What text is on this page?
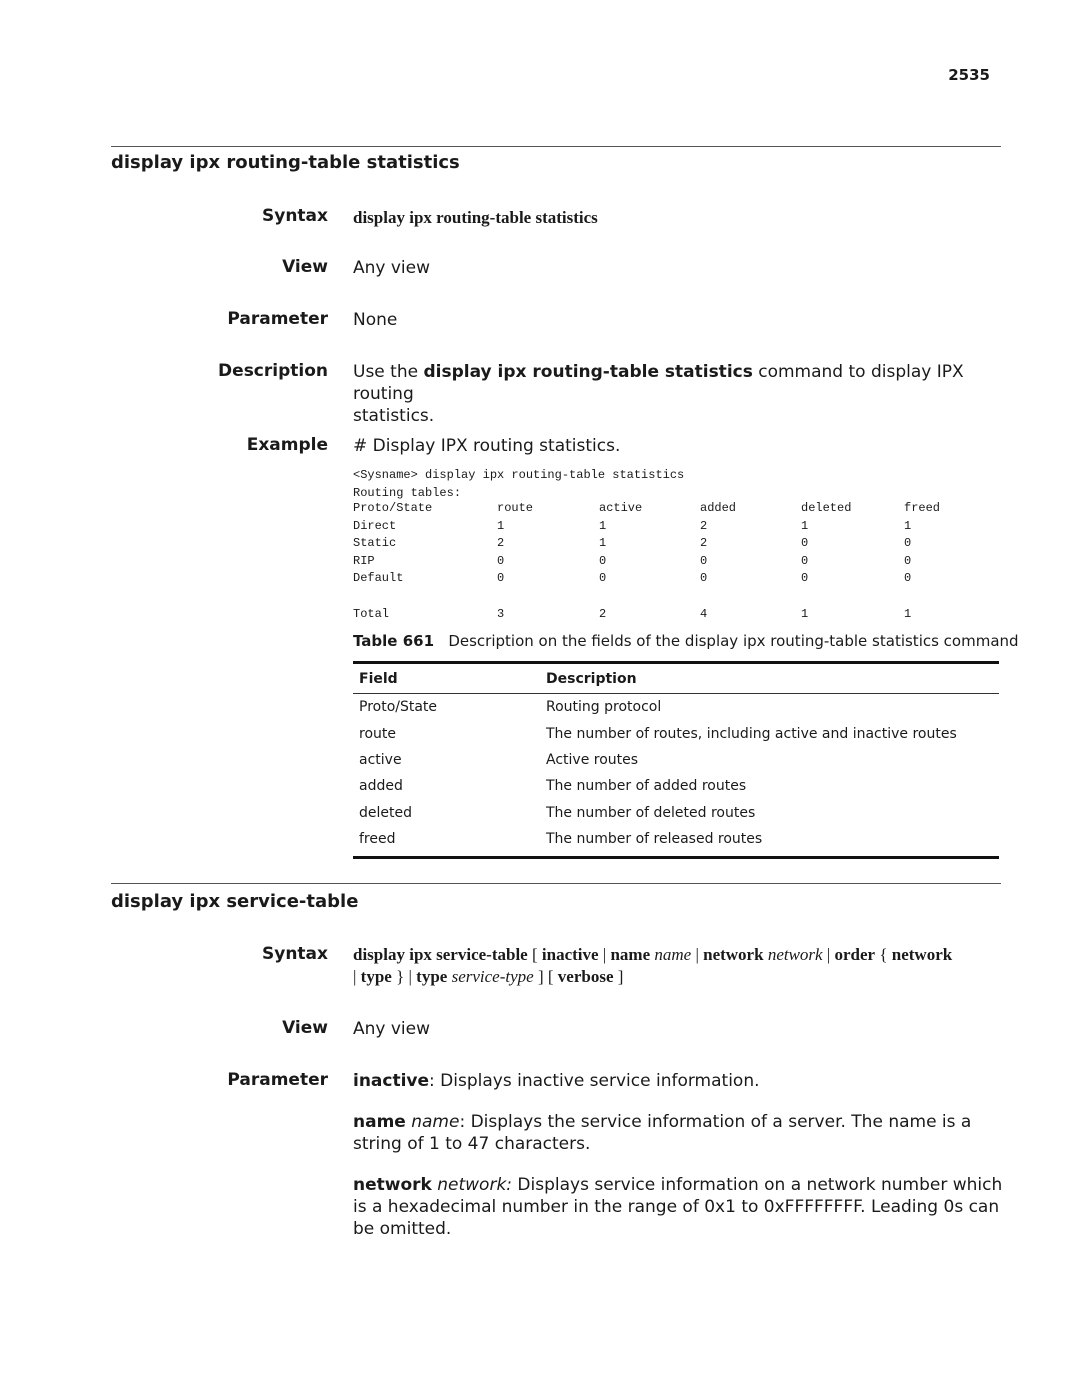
2535
display ipx routing-table statistics
Syntax display ipx routing-table statistics
View Any view
Parameter None
Description Use the display ipx routing-table statistics command to display IPX routing
statistics.
Example # Display IPX routing statistics.
<Sysname> display ipx routing-table statistics
Routing tables:
Proto/State	route	active	added	deleted	freed
Direct	1	1	2	1	1
Static	2	1	2	0	0
RIP	0	0	0	0	0
Default	0	0	0	0	0

Total	3	2	4	1	1
Table 661 Description on the fields of the display ipx routing-table statistics command
Field	Description
Proto/State	Routing protocol
route	The number of routes, including active and inactive routes
active	Active routes
added	The number of added routes
deleted	The number of deleted routes
freed	The number of released routes
display ipx service-table
Syntax display ipx service-table [ inactive | name name | network network | order { network
| type } | type service-type ] [ verbose ]
View Any view
Parameter inactive: Displays inactive service information.
name name: Displays the service information of a server. The name is a string of 1 to 47 characters.
network network: Displays service information on a network number which is a hexadecimal number in the range of 0x1 to 0xFFFFFFFF. Leading 0s can be omitted.
